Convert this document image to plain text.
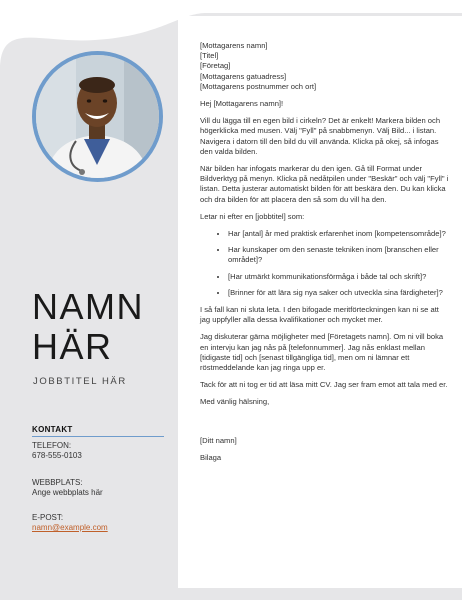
NAMN
HÄR

JOBBTITEL HÄR

KONTAKT

TELEFON:
678-555-0103
WEBBPLATS:
Ange webbplats här
E-POST:
namn@example.com

[Mottagarens namn]
[Titel]
[Företag]
[Mottagarens gatuadress]
[Mottagarens postnummer och ort]

Hej [Mottagarens namn]!

Vill du lägga till en egen bild i cirkeln? Det är enkelt! Markera bilden och högerklicka med musen. Välj "Fyll" på snabbmenyn. Välj Bild... i listan. Navigera i datorn till den bild du vill använda. Klicka på okej, så infogas den valda bilden.

När bilden har infogats markerar du den igen. Gå till Format under Bildverktyg på menyn. Klicka på nedåtpilen under "Beskär" och välj "Fyll" i listan. Detta justerar automatiskt bilden för att beskära den. Du kan klicka och dra bilden för att placera den så som du vill ha den.

Letar ni efter en [jobbtitel] som:

• Har [antal] år med praktisk erfarenhet inom [kompetensområde]?
• Har kunskaper om den senaste tekniken inom [branschen eller området]?
• [Har utmärkt kommunikationsförmåga i både tal och skrift]?
• [Brinner för att lära sig nya saker och utveckla sina färdigheter]?

I så fall kan ni sluta leta. I den bifogade meritförteckningen kan ni se att jag uppfyller alla dessa kvalifikationer och mycket mer.

Jag diskuterar gärna möjligheter med [Företagets namn]. Om ni vill boka en intervju kan jag nås på [telefonnummer]. Jag nås enklast mellan [tidigaste tid] och [senast tillgängliga tid], men om ni lämnar ett röstmeddelande kan jag ringa upp er.

Tack för att ni tog er tid att läsa mitt CV. Jag ser fram emot att tala med er.

Med vänlig hälsning,

[Ditt namn]

Bilaga
